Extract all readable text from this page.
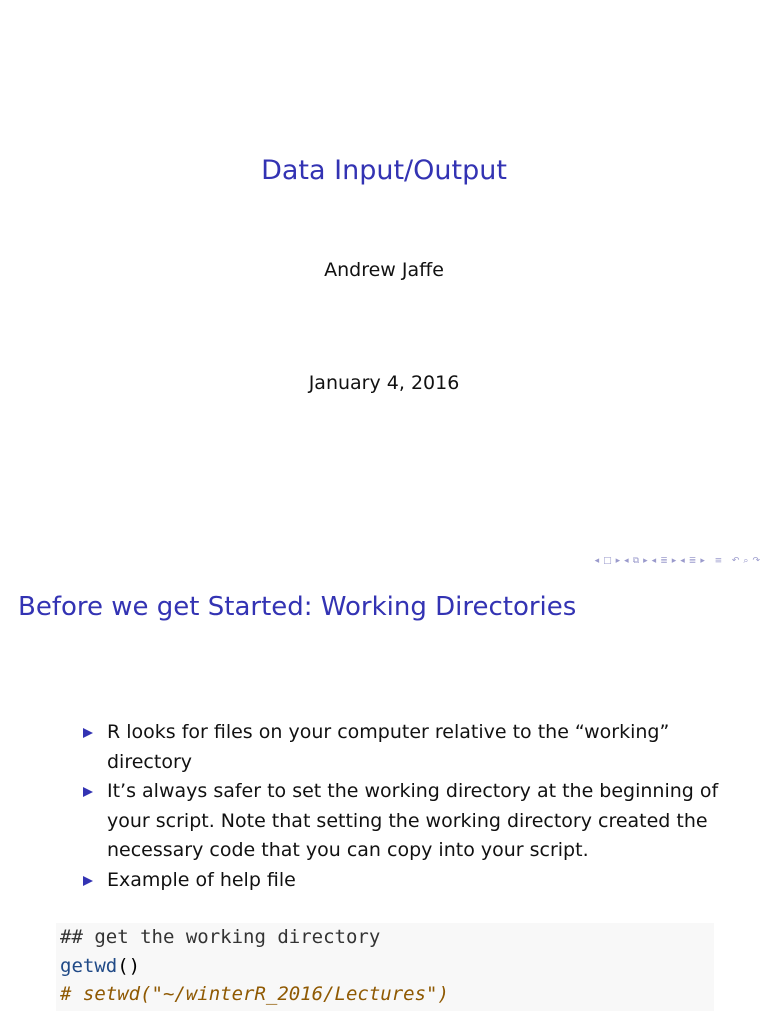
Data Input/Output
Andrew Jaffe
January 4, 2016
◂ □ ▸ ◂ ⧉ ▸ ◂ ≣ ▸ ◂ ≣ ▸ ≡ ↶ ⌕ ↷
Before we get Started: Working Directories
R looks for files on your computer relative to the “working” directory
It’s always safer to set the working directory at the beginning of your script. Note that setting the working directory created the necessary code that you can copy into your script.
Example of help file
## get the working directory
getwd()
# setwd("~/winterR_2016/Lectures")
